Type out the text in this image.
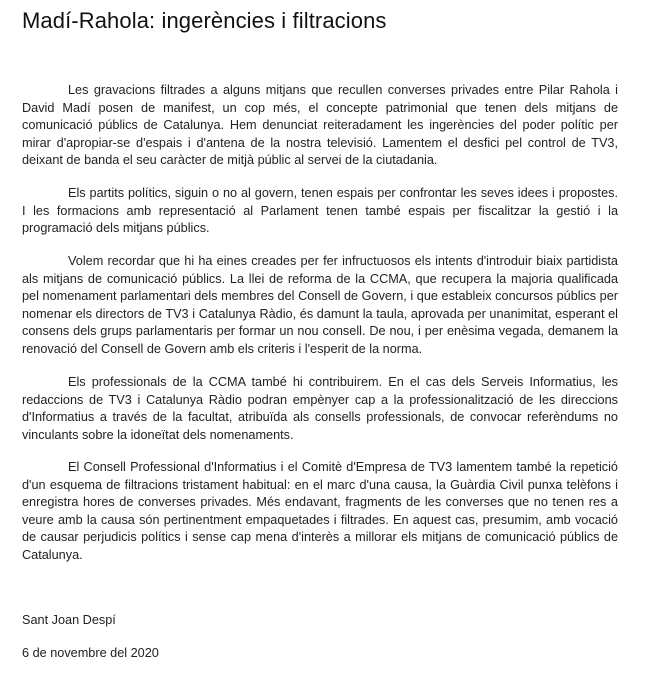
Madí-Rahola: ingerències i filtracions

Les gravacions filtrades a alguns mitjans que recullen converses privades entre Pilar Rahola i David Madí posen de manifest, un cop més, el concepte patrimonial que tenen dels mitjans de comunicació públics de Catalunya. Hem denunciat reiteradament les ingerències del poder polític per mirar d'apropiar-se d'espais i d'antena de la nostra televisió. Lamentem el desfici pel control de TV3, deixant de banda el seu caràcter de mitjà públic al servei de la ciutadania.

Els partits polítics, siguin o no al govern, tenen espais per confrontar les seves idees i propostes. I les formacions amb representació al Parlament tenen també espais per fiscalitzar la gestió i la programació dels mitjans públics.

Volem recordar que hi ha eines creades per fer infructuosos els intents d'introduir biaix partidista als mitjans de comunicació públics. La llei de reforma de la CCMA, que recupera la majoria qualificada pel nomenament parlamentari dels membres del Consell de Govern, i que estableix concursos públics per nomenar els directors de TV3 i Catalunya Ràdio, és damunt la taula, aprovada per unanimitat, esperant el consens dels grups parlamentaris per formar un nou consell. De nou, i per enèsima vegada, demanem la renovació del Consell de Govern amb els criteris i l'esperit de la norma.

Els professionals de la CCMA també hi contribuirem. En el cas dels Serveis Informatius, les redaccions de TV3 i Catalunya Ràdio podran empènyer cap a la professionalització de les direccions d'Informatius a través de la facultat, atribuïda als consells professionals, de convocar referèndums no vinculants sobre la idoneïtat dels nomenaments.

El Consell Professional d'Informatius i el Comitè d'Empresa de TV3 lamentem també la repetició d'un esquema de filtracions tristament habitual: en el marc d'una causa, la Guàrdia Civil punxa telèfons i enregistra hores de converses privades. Més endavant, fragments de les converses que no tenen res a veure amb la causa són pertinentment empaquetades i filtrades. En aquest cas, presumim, amb vocació de causar perjudicis polítics i sense cap mena d'interès a millorar els mitjans de comunicació públics de Catalunya.

Sant Joan Despí

6 de novembre del 2020
